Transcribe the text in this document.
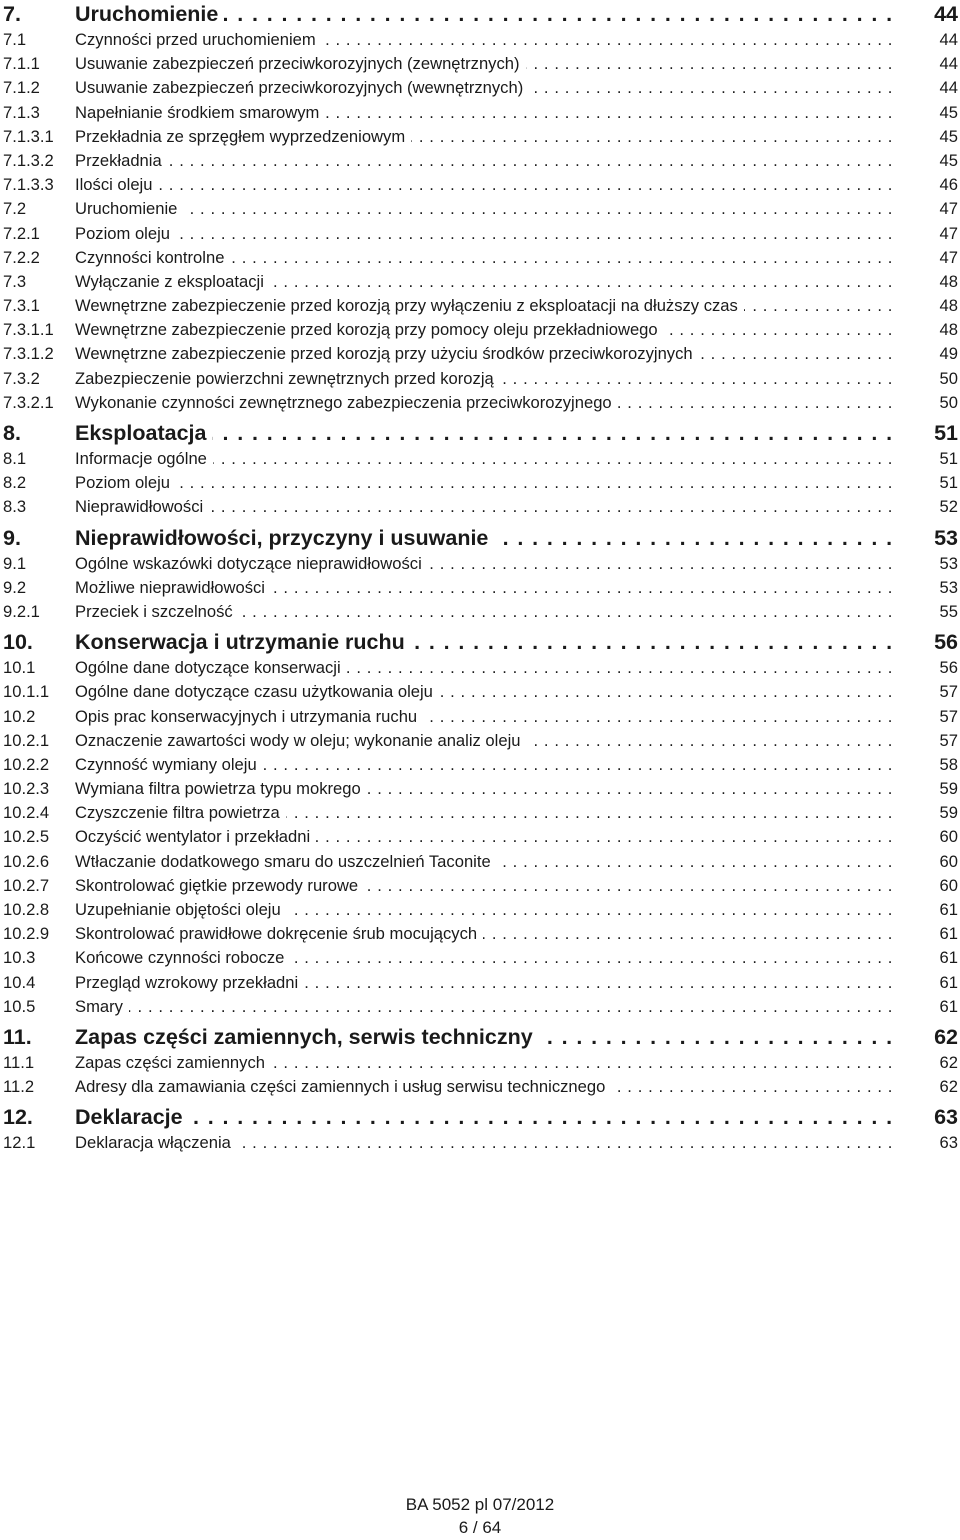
7.	Uruchomienie . . .	44
7.1	Czynności przed uruchomieniem . . .	44
7.1.1 Usuwanie zabezpieczeń przeciwkorozyjnych (zewnętrznych) . . .	44
7.1.2 Usuwanie zabezpieczeń przeciwkorozyjnych (wewnętrznych) . . .	44
7.1.3 Napełnianie środkiem smarowym . . .	45
7.1.3.1 Przekładnia ze sprzęgłem wyprzedzeniowym . . .	45
7.1.3.2 Przekładnia . . .	45
7.1.3.3 Ilości oleju . . .	46
7.2	Uruchomienie . . .	47
7.2.1 Poziom oleju . . .	47
7.2.2 Czynności kontrolne . . .	47
7.3	Wyłączanie z eksploatacji . . .	48
7.3.1 Wewnętrzne zabezpieczenie przed korozją przy wyłączeniu z eksploatacji na dłuższy czas . . .	48
7.3.1.1 Wewnętrzne zabezpieczenie przed korozją przy pomocy oleju przekładniowego . . .	48
7.3.1.2 Wewnętrzne zabezpieczenie przed korozją przy użyciu środków przeciwkorozyjnych . . .	49
7.3.2 Zabezpieczenie powierzchni zewnętrznych przed korozją . . .	50
7.3.2.1 Wykonanie czynności zewnętrznego zabezpieczenia przeciwkorozyjnego . . .	50
8.	Eksploatacja . . .	51
8.1	Informacje ogólne . . .	51
8.2	Poziom oleju . . .	51
8.3	Nieprawidłowości . . .	52
9.	Nieprawidłowości, przyczyny i usuwanie . . .	53
9.1	Ogólne wskazówki dotyczące nieprawidłowości . . .	53
9.2	Możliwe nieprawidłowości . . .	53
9.2.1 Przeciek i szczelność . . .	55
10. Konserwacja i utrzymanie ruchu . . .	56
10.1 Ogólne dane dotyczące konserwacji . . .	56
10.1.1 Ogólne dane dotyczące czasu użytkowania oleju . . .	57
10.2 Opis prac konserwacyjnych i utrzymania ruchu . . .	57
10.2.1 Oznaczenie zawartości wody w oleju; wykonanie analiz oleju . . .	57
10.2.2 Czynność wymiany oleju . . .	58
10.2.3 Wymiana filtra powietrza typu mokrego . . .	59
10.2.4 Czyszczenie filtra powietrza . . .	59
10.2.5 Oczyścić wentylator i przekładni . . .	60
10.2.6 Wtłaczanie dodatkowego smaru do uszczelnień Taconite . . .	60
10.2.7 Skontrolować giętkie przewody rurowe . . .	60
10.2.8 Uzupełnianie objętości oleju . . .	61
10.2.9 Skontrolować prawidłowe dokręcenie śrub mocujących . . .	61
10.3 Końcowe czynności robocze . . .	61
10.4 Przegląd wzrokowy przekładni . . .	61
10.5 Smary . . .	61
11. Zapas części zamiennych, serwis techniczny . . .	62
11.1 Zapas części zamiennych . . .	62
11.2 Adresy dla zamawiania części zamiennych i usług serwisu technicznego . . .	62
12. Deklaracje . . .	63
12.1 Deklaracja włączenia . . .	63
BA 5052 pl 07/2012
6 / 64
